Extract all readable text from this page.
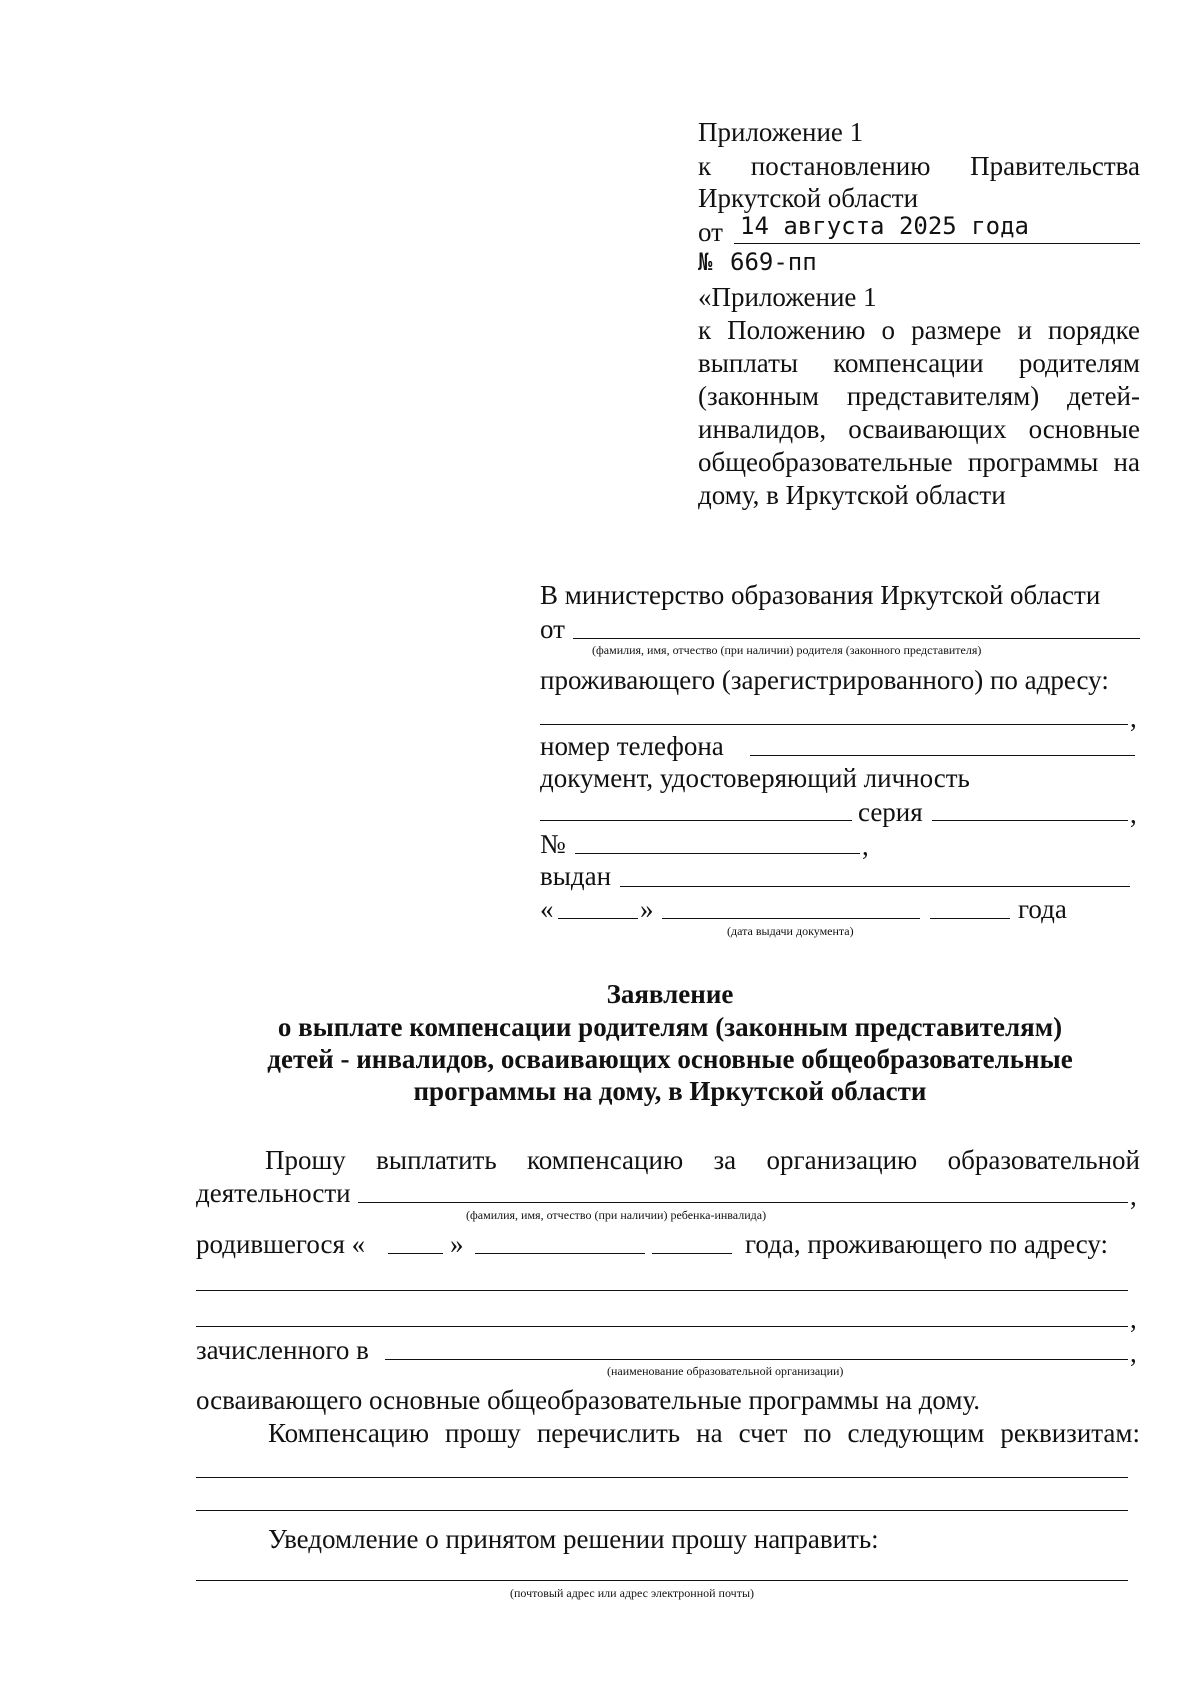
Приложение 1
к постановлению Правительства
Иркутской области
от 14 августа 2025 года
№ 669-пп
«Приложение 1
к Положению о размере и порядке
выплаты компенсации родителям
(законным представителям) детей-
инвалидов, осваивающих основные
общеобразовательные программы на
дому, в Иркутской области
В министерство образования Иркутской области
от
(фамилия, имя, отчество (при наличии) родителя (законного представителя)
проживающего (зарегистрированного) по адресу:
,
номер телефона
документ, удостоверяющий личность
серия	,
№	,
выдан
«	»	года
(дата выдачи документа)
Заявление
о выплате компенсации родителям (законным представителям)
детей - инвалидов, осваивающих основные общеобразовательные
программы на дому, в Иркутской области
Прошу выплатить компенсацию за организацию образовательной
деятельности	,
(фамилия, имя, отчество (при наличии) ребенка-инвалида)
родившегося «	»	года, проживающего по адресу:
,
зачисленного в	,
(наименование образовательной организации)
осваивающего основные общеобразовательные программы на дому.
Компенсацию прошу перечислить на счет по следующим реквизитам:
Уведомление о принятом решении прошу направить:
(почтовый адрес или адрес электронной почты)
